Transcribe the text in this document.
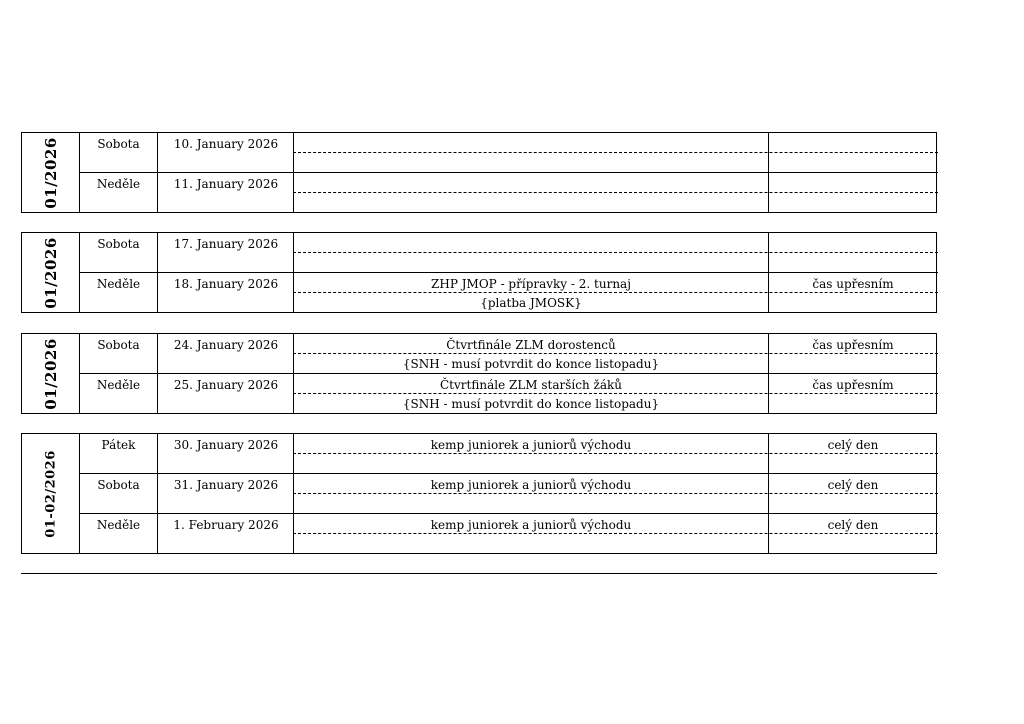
01/2026	Sobota	10. January 2026
Neděle	11. January 2026
01/2026	Sobota	17. January 2026
Neděle	18. January 2026	ZHP JMOP - přípravky - 2. turnaj	čas upřesním
{platba JMOSK}
01/2026	Sobota	24. January 2026	Čtvrtfinále ZLM dorostenců	čas upřesním
{SNH - musí potvrdit do konce listopadu}
Neděle	25. January 2026	Čtvrtfinále ZLM starších žáků	čas upřesním
{SNH - musí potvrdit do konce listopadu}
01-02/2026
Pátek	30. January 2026	kemp juniorek a juniorů východu	celý den
Sobota	31. January 2026	kemp juniorek a juniorů východu	celý den
Neděle	1. February 2026	kemp juniorek a juniorů východu	celý den
